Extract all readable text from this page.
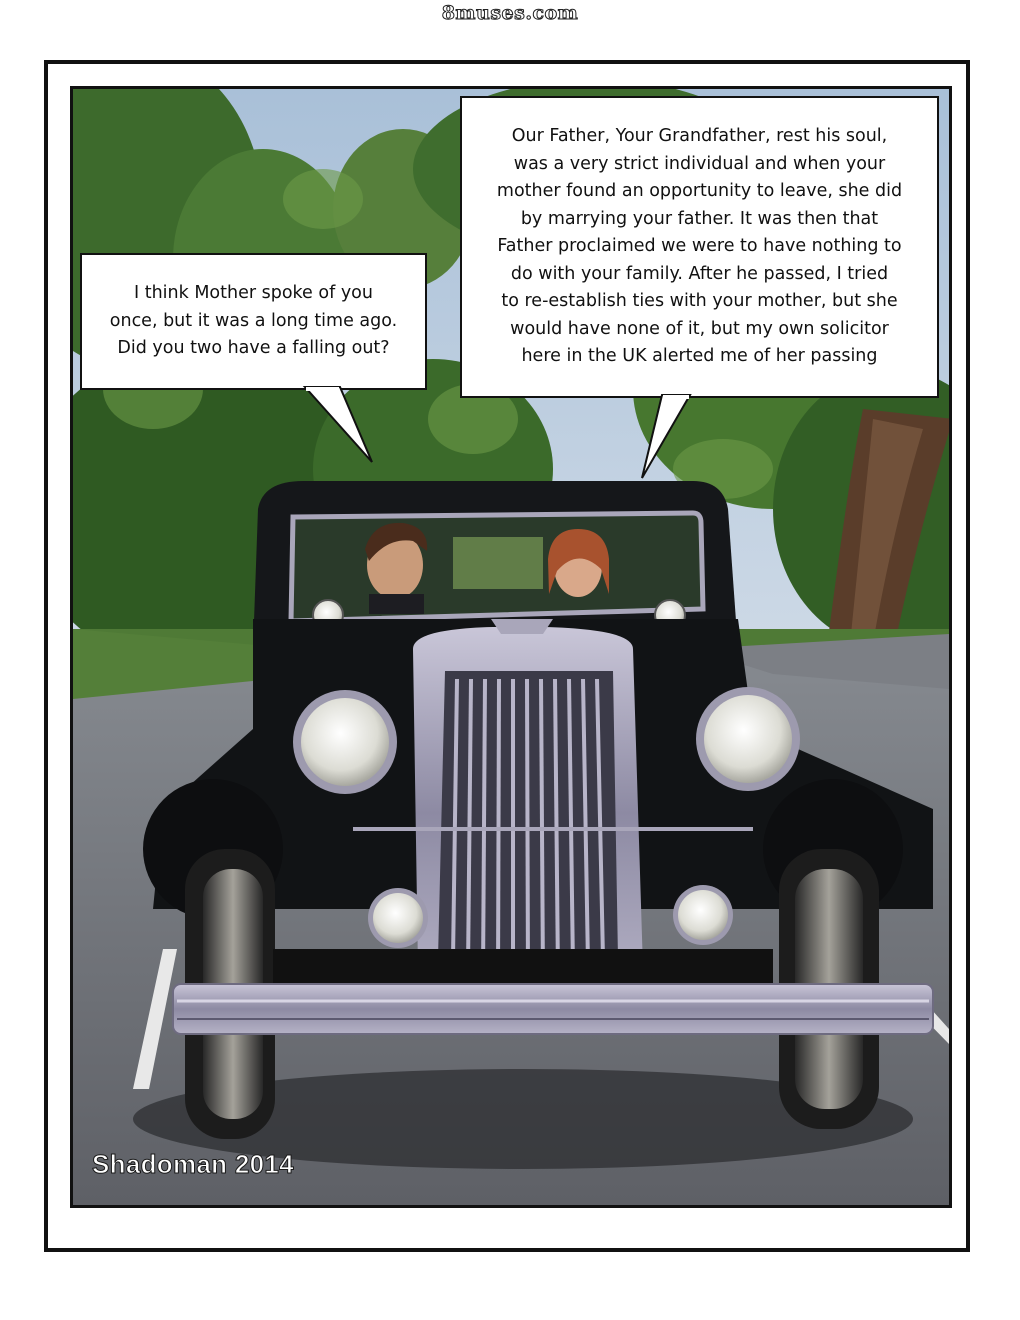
8muses.com
I think Mother spoke of you
once, but it was a long time ago.
Did you two have a falling out?
Our Father, Your Grandfather, rest his soul,
was a very strict individual and when your
mother found an opportunity to leave, she did
by marrying your father. It was then that
Father proclaimed we were to have nothing to
do with your family. After he passed, I tried
to re-establish ties with your mother, but she
would have none of it, but my own solicitor
here in the UK alerted me of her passing
Shadoman 2014
